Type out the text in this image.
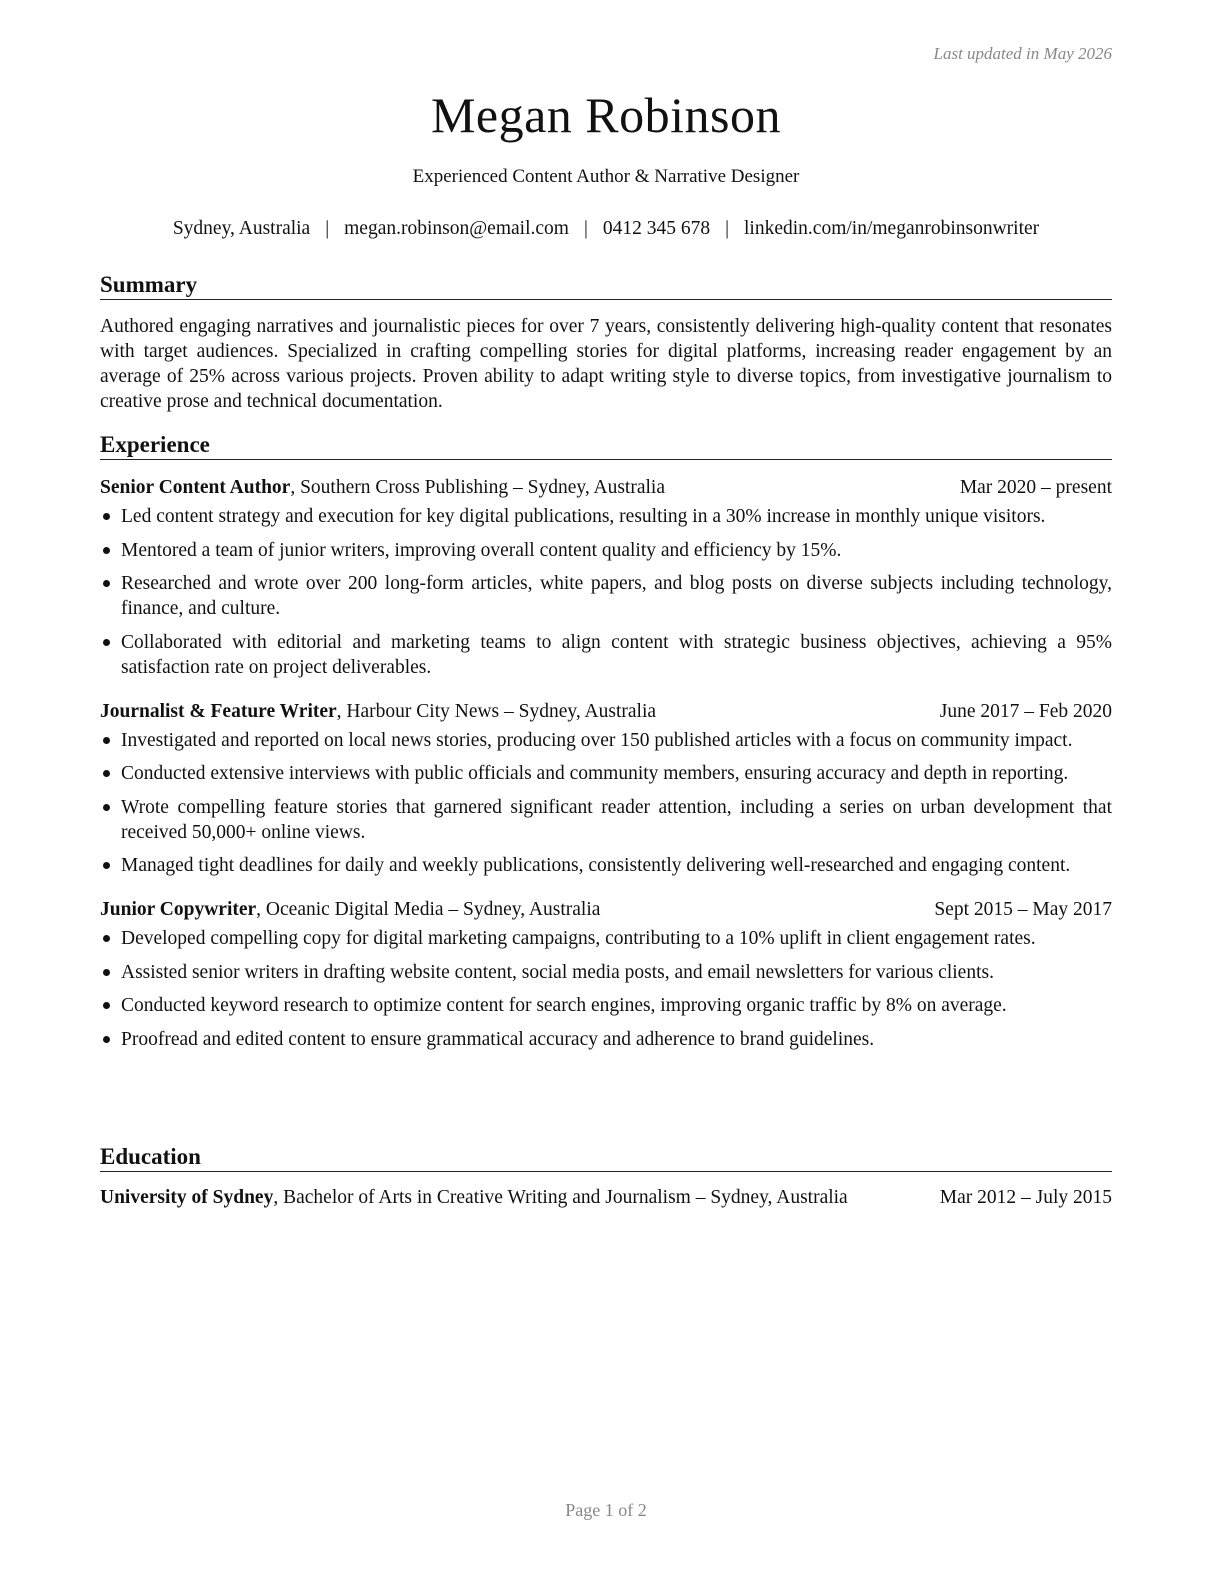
Last updated in May 2026
Megan Robinson
Experienced Content Author & Narrative Designer
Sydney, Australia | megan.robinson@email.com | 0412 345 678 | linkedin.com/in/meganrobinsonwriter
Summary
Authored engaging narratives and journalistic pieces for over 7 years, consistently delivering high-quality content that resonates with target audiences. Specialized in crafting compelling stories for digital platforms, increasing reader engagement by an average of 25% across various projects. Proven ability to adapt writing style to diverse topics, from investigative journalism to creative prose and technical documentation.
Experience
Senior Content Author, Southern Cross Publishing – Sydney, Australia	Mar 2020 – present
Led content strategy and execution for key digital publications, resulting in a 30% increase in monthly unique visitors.
Mentored a team of junior writers, improving overall content quality and efficiency by 15%.
Researched and wrote over 200 long-form articles, white papers, and blog posts on diverse subjects including technology, finance, and culture.
Collaborated with editorial and marketing teams to align content with strategic business objectives, achieving a 95% satisfaction rate on project deliverables.
Journalist & Feature Writer, Harbour City News – Sydney, Australia	June 2017 – Feb 2020
Investigated and reported on local news stories, producing over 150 published articles with a focus on community impact.
Conducted extensive interviews with public officials and community members, ensuring accuracy and depth in reporting.
Wrote compelling feature stories that garnered significant reader attention, including a series on urban development that received 50,000+ online views.
Managed tight deadlines for daily and weekly publications, consistently delivering well-researched and engaging content.
Junior Copywriter, Oceanic Digital Media – Sydney, Australia	Sept 2015 – May 2017
Developed compelling copy for digital marketing campaigns, contributing to a 10% uplift in client engagement rates.
Assisted senior writers in drafting website content, social media posts, and email newsletters for various clients.
Conducted keyword research to optimize content for search engines, improving organic traffic by 8% on average.
Proofread and edited content to ensure grammatical accuracy and adherence to brand guidelines.
Education
University of Sydney, Bachelor of Arts in Creative Writing and Journalism – Sydney, Australia	Mar 2012 – July 2015
Page 1 of 2
